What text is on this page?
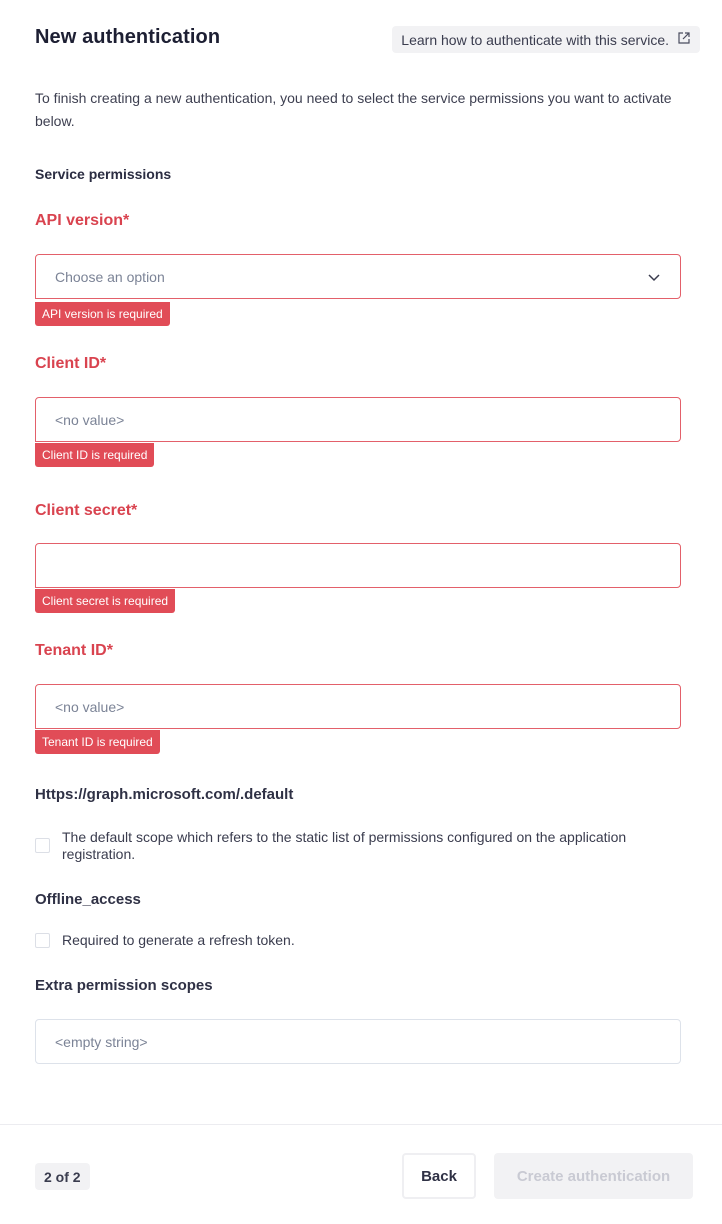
New authentication	Learn how to authenticate with this service.
To finish creating a new authentication, you need to select the service permissions you want to activate below.
Service permissions
API version*
Choose an option
API version is required
Client ID*
<no value>
Client ID is required
Client secret*
Client secret is required
Tenant ID*
<no value>
Tenant ID is required
Https://graph.microsoft.com/.default
The default scope which refers to the static list of permissions configured on the application registration.
Offline_access
Required to generate a refresh token.
Extra permission scopes
<empty string>
2 of 2	Back	Create authentication
